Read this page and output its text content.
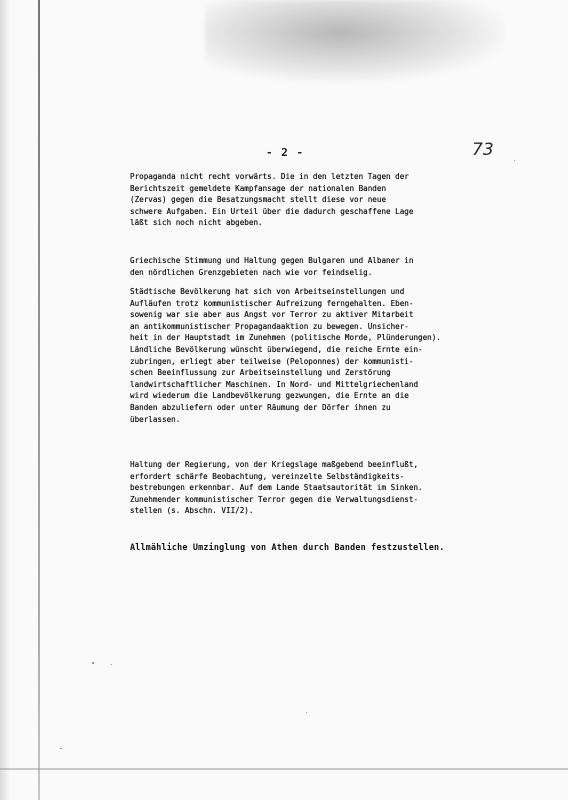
- 2 -	73

Propaganda nicht recht vorwärts. Die in den letzten Tagen der
Berichtszeit gemeldete Kampfansage der nationalen Banden
(Zervas) gegen die Besatzungsmacht stellt diese vor neue
schwere Aufgaben. Ein Urteil über die dadurch geschaffene Lage
läßt sich noch nicht abgeben.

Griechische Stimmung und Haltung gegen Bulgaren und Albaner in
den nördlichen Grenzgebieten nach wie vor feindselig.

Städtische Bevölkerung hat sich von Arbeitseinstellungen und
Aufläufen trotz kommunistischer Aufreizung ferngehalten. Eben-
sowenig war sie aber aus Angst vor Terror zu aktiver Mitarbeit
an antikommunistischer Propagandaaktion zu bewegen. Unsicher-
heit in der Hauptstadt im Zunehmen (politische Morde, Plünderungen).
Ländliche Bevölkerung wünscht überwiegend, die reiche Ernte ein-
zubringen, erliegt aber teilweise (Peloponnes) der kommunisti-
schen Beeinflussung zur Arbeitseinstellung und Zerstörung
landwirtschaftlicher Maschinen. In Nord- und Mittelgriechenland
wird wiederum die Landbevölkerung gezwungen, die Ernte an die
Banden abzuliefern oder unter Räumung der Dörfer ihnen zu
überlassen.

Haltung der Regierung, von der Kriegslage maßgebend beeinflußt,
erfordert schärfe Beobachtung, vereinzelte Selbständigkeits-
bestrebungen erkennbar. Auf dem Lande Staatsautorität im Sinken.
Zunehmender kommunistischer Terror gegen die Verwaltungsdienst-
stellen (s. Abschn. VII/2).

Allmähliche Umzinglung von Athen durch Banden festzustellen.
